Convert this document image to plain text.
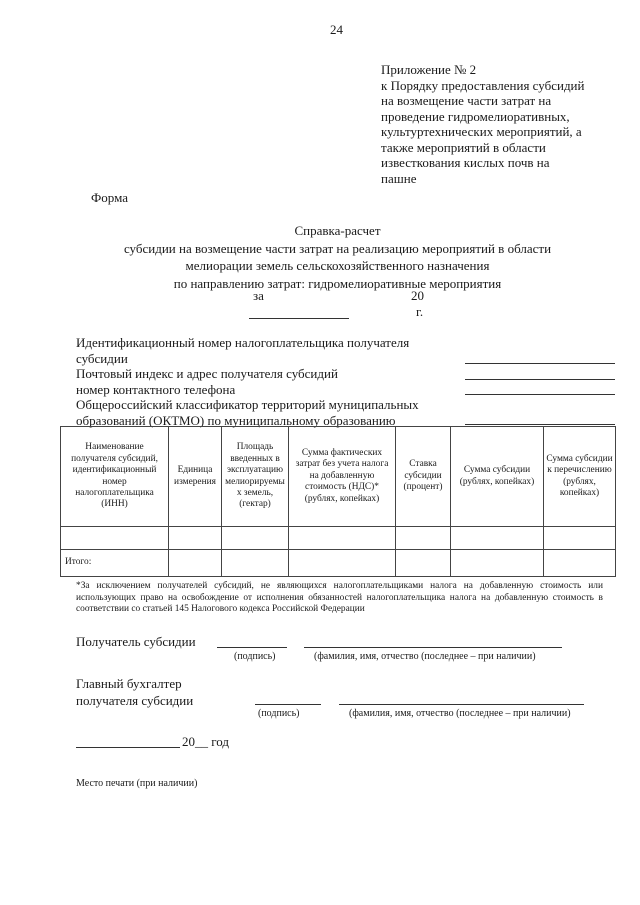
24
Приложение № 2
к Порядку предоставления субсидий
на возмещение части затрат на
проведение гидромелиоративных,
культуртехнических мероприятий, а
также мероприятий в области
известкования кислых почв на
пашне
Форма
Справка-расчет
субсидии на возмещение части затрат на реализацию мероприятий в области
мелиорации земель сельскохозяйственного назначения
по направлению затрат: гидромелиоративные мероприятия
за	20
г.
Идентификационный номер налогоплательщика получателя
субсидии
Почтовый индекс и адрес получателя субсидий
номер контактного телефона
Общероссийский классификатор территорий муниципальных
образований (ОКТМО) по муниципальному образованию
Наименование получателя субсидий, идентификационный номер налогоплательщика (ИНН)	Единица измерения	Площадь введенных в эксплуатацию мелиорируемых земель, (гектар)	Сумма фактических затрат без учета налога на добавленную стоимость (НДС)* (рублях, копейках)	Ставка субсидии (процент)	Сумма субсидии (рублях, копейках)	Сумма субсидии к перечислению (рублях, копейках)

Итого:						
*За исключением получателей субсидий, не являющихся налогоплательщиками налога на добавленную стоимость или использующих право на освобождение от исполнения обязанностей налогоплательщика налога на добавленную стоимость в соответствии со статьей 145 Налогового кодекса Российской Федерации
Получатель субсидии
(подпись)	(фамилия, имя, отчество (последнее – при наличии)
Главный бухгалтер
получателя субсидии
(подпись)	(фамилия, имя, отчество (последнее – при наличии)
20__ год
Место печати (при наличии)
